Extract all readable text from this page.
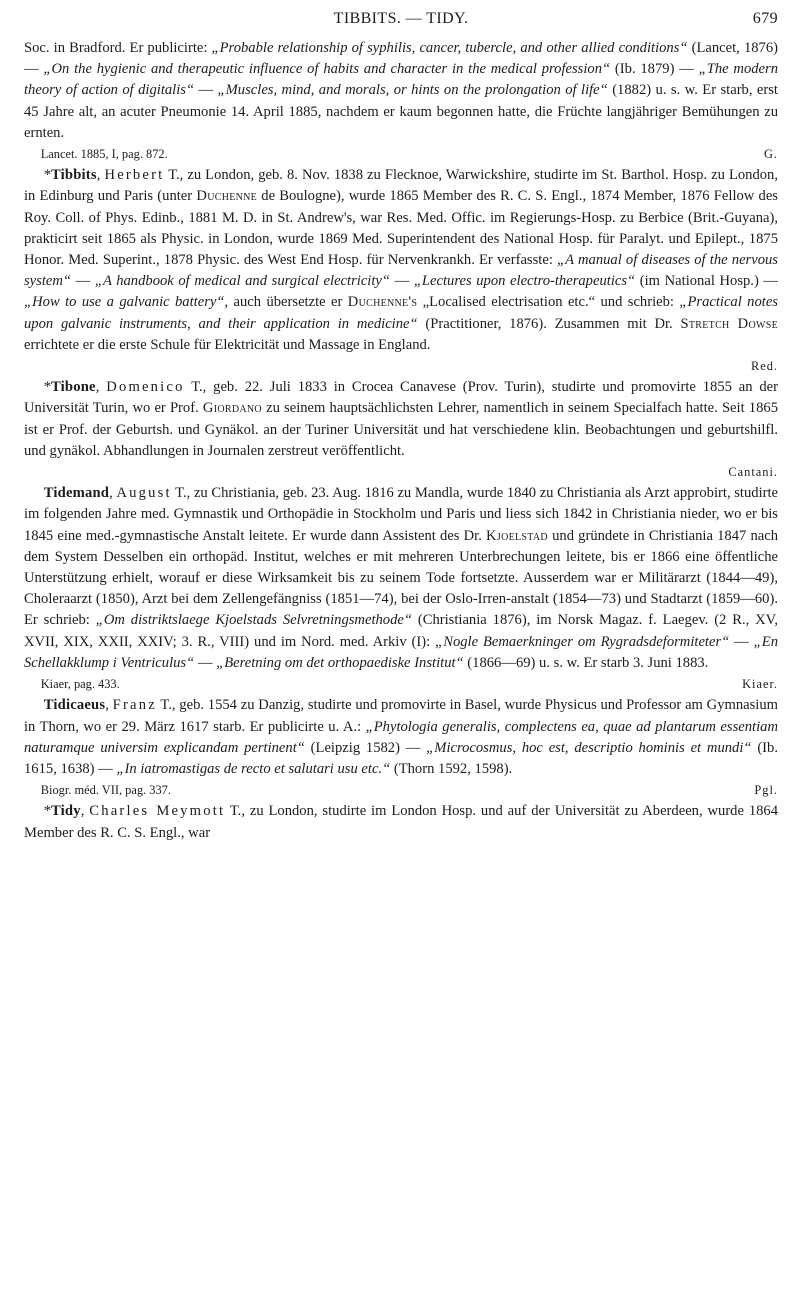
TIBBITS. — TIDY.	679

Soc. in Bradford. Er publicirte: „Probable relationship of syphilis, cancer, tubercle, and other allied conditions“ (Lancet, 1876) — „On the hygienic and therapeutic influence of habits and character in the medical profession“ (Ib. 1879) — „The modern theory of action of digitalis“ — „Muscles, mind, and morals, or hints on the prolongation of life“ (1882) u. s. w. Er starb, erst 45 Jahre alt, an acuter Pneumonie 14. April 1885, nachdem er kaum begonnen hatte, die Früchte langjähriger Bemühungen zu ernten.

Lancet. 1885, I, pag. 872.	G.

*Tibbits, Herbert T., zu London, geb. 8. Nov. 1838 zu Flecknoe, Warwickshire, studirte im St. Barthol. Hosp. zu London, in Edinburg und Paris (unter Duchenne de Boulogne), wurde 1865 Member des R. C. S. Engl., 1874 Member, 1876 Fellow des Roy. Coll. of Phys. Edinb., 1881 M. D. in St. Andrew's, war Res. Med. Offic. im Regierungs-Hosp. zu Berbice (Brit.-Guyana), prakticirt seit 1865 als Physic. in London, wurde 1869 Med. Superintendent des National Hosp. für Paralyt. und Epilept., 1875 Honor. Med. Superint., 1878 Physic. des West End Hosp. für Nervenkrankh. Er verfasste: „A manual of diseases of the nervous system“ — „A handbook of medical and surgical electricity“ — „Lectures upon electro-therapeutics“ (im National Hosp.) — „How to use a galvanic battery“, auch übersetzte er Duchenne's „Localised electrisation etc.“ und schrieb: „Practical notes upon galvanic instruments, and their application in medicine“ (Practitioner, 1876). Zusammen mit Dr. Stretch Dowse errichtete er die erste Schule für Elektricität und Massage in England.

Red.

*Tibone, Domenico T., geb. 22. Juli 1833 in Crocea Canavese (Prov. Turin), studirte und promovirte 1855 an der Universität Turin, wo er Prof. Giordano zu seinem hauptsächlichsten Lehrer, namentlich in seinem Specialfach hatte. Seit 1865 ist er Prof. der Geburtsh. und Gynäkol. an der Turiner Universität und hat verschiedene klin. Beobachtungen und geburtshilfl. und gynäkol. Abhandlungen in Journalen zerstreut veröffentlicht.

Cantani.

Tidemand, August T., zu Christiania, geb. 23. Aug. 1816 zu Mandla, wurde 1840 zu Christiania als Arzt approbirt, studirte im folgenden Jahre med. Gymnastik und Orthopädie in Stockholm und Paris und liess sich 1842 in Christiania nieder, wo er bis 1845 eine med.-gymnastische Anstalt leitete. Er wurde dann Assistent des Dr. Kjoelstad und gründete in Christiania 1847 nach dem System Desselben ein orthopäd. Institut, welches er mit mehreren Unterbrechungen leitete, bis er 1866 eine öffentliche Unterstützung erhielt, worauf er diese Wirksamkeit bis zu seinem Tode fortsetzte. Ausserdem war er Militärarzt (1844—49), Choleraarzt (1850), Arzt bei dem Zellengefängniss (1851—74), bei der Oslo-Irren-anstalt (1854—73) und Stadtarzt (1859—60). Er schrieb: „Om distriktslaege Kjoelstads Selvretningsmethode“ (Christiania 1876), im Norsk Magaz. f. Laegev. (2 R., XV, XVII, XIX, XXII, XXIV; 3. R., VIII) und im Nord. med. Arkiv (I): „Nogle Bemaerkninger om Rygradsdeformiteter“ — „En Schellakklump i Ventriculus“ — „Beretning om det orthopaediske Institut“ (1866—69) u. s. w. Er starb 3. Juni 1883.

Kiaer, pag. 433.	Kiaer.

Tidicaeus, Franz T., geb. 1554 zu Danzig, studirte und promovirte in Basel, wurde Physicus und Professor am Gymnasium in Thorn, wo er 29. März 1617 starb. Er publicirte u. A.: „Phytologia generalis, complectens ea, quae ad plantarum essentiam naturamque universim explicandam pertinent“ (Leipzig 1582) — „Microcosmus, hoc est, descriptio hominis et mundi“ (Ib. 1615, 1638) — „In iatromastigas de recto et salutari usu etc.“ (Thorn 1592, 1598).

Biogr. méd. VII, pag. 337.	Pgl.

*Tidy, Charles Meymott T., zu London, studirte im London Hosp. und auf der Universität zu Aberdeen, wurde 1864 Member des R. C. S. Engl., war
